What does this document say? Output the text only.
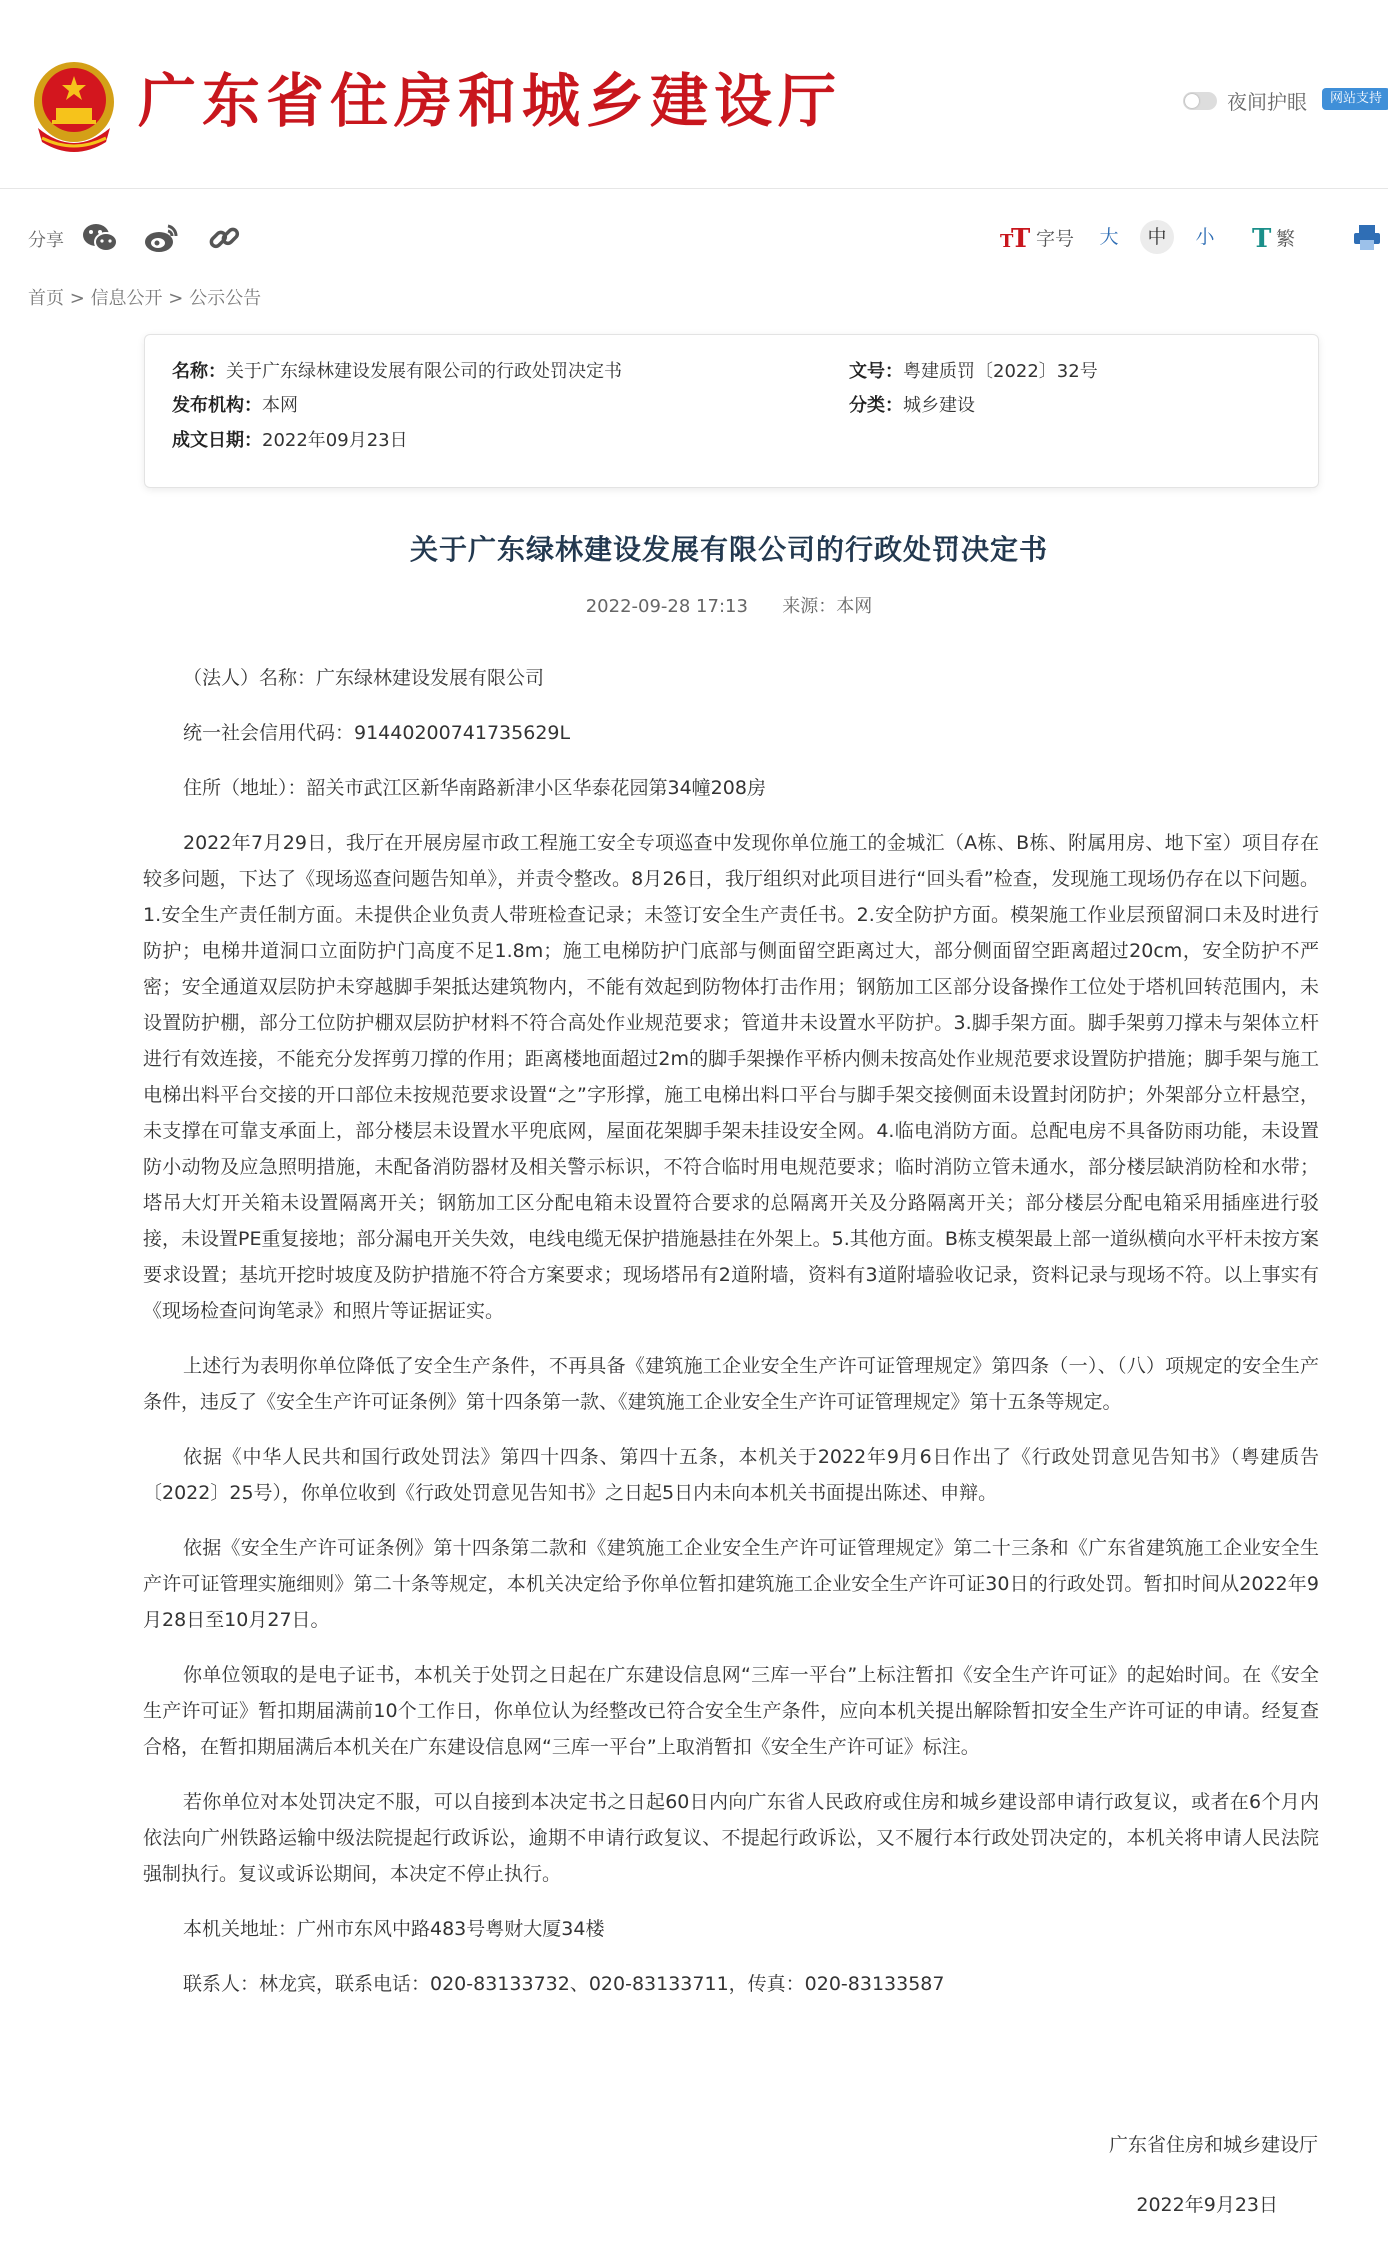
广东省住房和城乡建设厅	夜间护眼	网站支持
分享	T
T 字号	大	中	小 T 繁
首页 > 信息公开 > 公示公告
名称：关于广东绿林建设发展有限公司的行政处罚决定书	文号：粤建质罚〔2022〕32号
发布机构：本网	分类：城乡建设
成文日期：2022年09月23日
关于广东绿林建设发展有限公司的行政处罚决定书
2022-09-28 17:13 来源：本网

（法人）名称：广东绿林建设发展有限公司

统一社会信用代码：91440200741735629L

住所（地址）：韶关市武江区新华南路新津小区华泰花园第34幢208房

2022年7月29日，我厅在开展房屋市政工程施工安全专项巡查中发现你单位施工的金城汇（A栋、B栋、附属用房、地下室）项目存在较多问题，下达了《现场巡查问题告知单》，并责令整改。8月26日，我厅组织对此项目进行“回头看”检查，发现施工现场仍存在以下问题。1.安全生产责任制方面。未提供企业负责人带班检查记录；未签订安全生产责任书。2.安全防护方面。模架施工作业层预留洞口未及时进行防护；电梯井道洞口立面防护门高度不足1.8m；施工电梯防护门底部与侧面留空距离过大，部分侧面留空距离超过20cm，安全防护不严密；安全通道双层防护未穿越脚手架抵达建筑物内，不能有效起到防物体打击作用；钢筋加工区部分设备操作工位处于塔机回转范围内，未设置防护棚，部分工位防护棚双层防护材料不符合高处作业规范要求；管道井未设置水平防护。3.脚手架方面。脚手架剪刀撑未与架体立杆进行有效连接，不能充分发挥剪刀撑的作用；距离楼地面超过2m的脚手架操作平桥内侧未按高处作业规范要求设置防护措施；脚手架与施工电梯出料平台交接的开口部位未按规范要求设置“之”字形撑，施工电梯出料口平台与脚手架交接侧面未设置封闭防护；外架部分立杆悬空，未支撑在可靠支承面上，部分楼层未设置水平兜底网，屋面花架脚手架未挂设安全网。4.临电消防方面。总配电房不具备防雨功能，未设置防小动物及应急照明措施，未配备消防器材及相关警示标识，不符合临时用电规范要求；临时消防立管未通水，部分楼层缺消防栓和水带；塔吊大灯开关箱未设置隔离开关；钢筋加工区分配电箱未设置符合要求的总隔离开关及分路隔离开关；部分楼层分配电箱采用插座进行驳接，未设置PE重复接地；部分漏电开关失效，电线电缆无保护措施悬挂在外架上。5.其他方面。B栋支模架最上部一道纵横向水平杆未按方案要求设置；基坑开挖时坡度及防护措施不符合方案要求；现场塔吊有2道附墙，资料有3道附墙验收记录，资料记录与现场不符。以上事实有《现场检查问询笔录》和照片等证据证实。

上述行为表明你单位降低了安全生产条件，不再具备《建筑施工企业安全生产许可证管理规定》第四条（一）、（八）项规定的安全生产条件，违反了《安全生产许可证条例》第十四条第一款、《建筑施工企业安全生产许可证管理规定》第十五条等规定。

依据《中华人民共和国行政处罚法》第四十四条、第四十五条，本机关于2022年9月6日作出了《行政处罚意见告知书》（粤建质告〔2022〕25号），你单位收到《行政处罚意见告知书》之日起5日内未向本机关书面提出陈述、申辩。

依据《安全生产许可证条例》第十四条第二款和《建筑施工企业安全生产许可证管理规定》第二十三条和《广东省建筑施工企业安全生产许可证管理实施细则》第二十条等规定，本机关决定给予你单位暂扣建筑施工企业安全生产许可证30日的行政处罚。暂扣时间从2022年9月28日至10月27日。

你单位领取的是电子证书，本机关于处罚之日起在广东建设信息网“三库一平台”上标注暂扣《安全生产许可证》的起始时间。在《安全生产许可证》暂扣期届满前10个工作日，你单位认为经整改已符合安全生产条件，应向本机关提出解除暂扣安全生产许可证的申请。经复查合格，在暂扣期届满后本机关在广东建设信息网“三库一平台”上取消暂扣《安全生产许可证》标注。

若你单位对本处罚决定不服，可以自接到本决定书之日起60日内向广东省人民政府或住房和城乡建设部申请行政复议，或者在6个月内依法向广州铁路运输中级法院提起行政诉讼，逾期不申请行政复议、不提起行政诉讼，又不履行本行政处罚决定的，本机关将申请人民法院强制执行。复议或诉讼期间，本决定不停止执行。

本机关地址：广州市东风中路483号粤财大厦34楼

联系人：林龙宾，联系电话：020-83133732、020-83133711，传真：020-83133587

广东省住房和城乡建设厅
2022年9月23日
